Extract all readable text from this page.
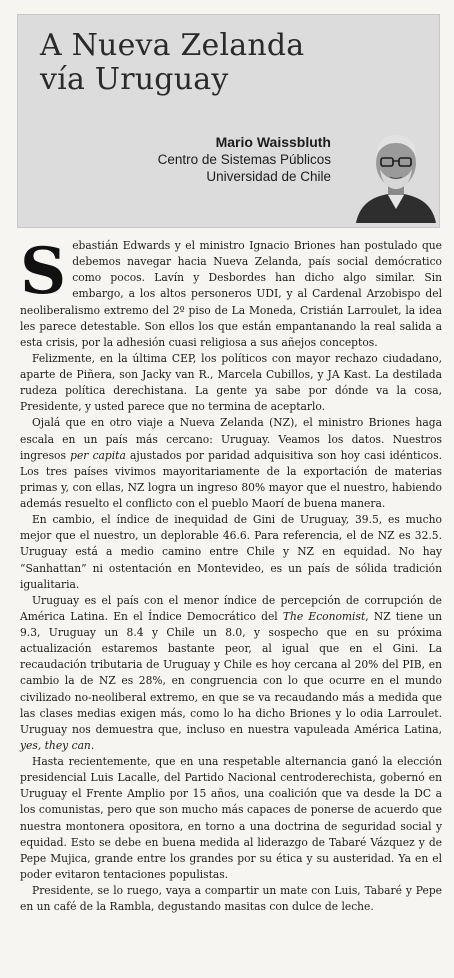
A Nueva Zelanda
vía Uruguay
Mario Waissbluth
Centro de Sistemas Públicos
Universidad de Chile

Sebastián Edwards y el ministro Ignacio Briones han postulado que debemos navegar hacia Nueva Zelanda, país social demócratico como pocos. Lavín y Desbordes han dicho algo similar. Sin embargo, a los altos personeros UDI, y al Cardenal Arzobispo del neoliberalismo extremo del 2º piso de La Moneda, Cristián Larroulet, la idea les parece detestable. Son ellos los que están empantanando la real salida a esta crisis, por la adhesión cuasi religiosa a sus añejos conceptos.

Felizmente, en la última CEP, los políticos con mayor rechazo ciudadano, aparte de Piñera, son Jacky van R., Marcela Cubillos, y JA Kast. La destilada rudeza política derechistana. La gente ya sabe por dónde va la cosa, Presidente, y usted parece que no termina de aceptarlo.

Ojalá que en otro viaje a Nueva Zelanda (NZ), el ministro Briones haga escala en un país más cercano: Uruguay. Veamos los datos. Nuestros ingresos per capita ajustados por paridad adquisitiva son hoy casi idénticos. Los tres países vivimos mayoritariamente de la exportación de materias primas y, con ellas, NZ logra un ingreso 80% mayor que el nuestro, habiendo además resuelto el conflicto con el pueblo Maorí de buena manera.

En cambio, el índice de inequidad de Gini de Uruguay, 39.5, es mucho mejor que el nuestro, un deplorable 46.6. Para referencia, el de NZ es 32.5. Uruguay está a medio camino entre Chile y NZ en equidad. No hay “Sanhattan” ni ostentación en Montevideo, es un país de sólida tradición igualitaria.

Uruguay es el país con el menor índice de percepción de corrupción de América Latina. En el Índice Democrático del The Economist, NZ tiene un 9.3, Uruguay un 8.4 y Chile un 8.0, y sospecho que en su próxima actualización estaremos bastante peor, al igual que en el Gini. La recaudación tributaria de Uruguay y Chile es hoy cercana al 20% del PIB, en cambio la de NZ es 28%, en congruencia con lo que ocurre en el mundo civilizado no-neoliberal extremo, en que se va recaudando más a medida que las clases medias exigen más, como lo ha dicho Briones y lo odia Larroulet. Uruguay nos demuestra que, incluso en nuestra vapuleada América Latina, yes, they can.

Hasta recientemente, que en una respetable alternancia ganó la elección presidencial Luis Lacalle, del Partido Nacional centroderechista, gobernó en Uruguay el Frente Amplio por 15 años, una coalición que va desde la DC a los comunistas, pero que son mucho más capaces de ponerse de acuerdo que nuestra montonera opositora, en torno a una doctrina de seguridad social y equidad. Esto se debe en buena medida al liderazgo de Tabaré Vázquez y de Pepe Mujica, grande entre los grandes por su ética y su austeridad. Ya en el poder evitaron tentaciones populistas.

Presidente, se lo ruego, vaya a compartir un mate con Luis, Tabaré y Pepe en un café de la Rambla, degustando masitas con dulce de leche.
